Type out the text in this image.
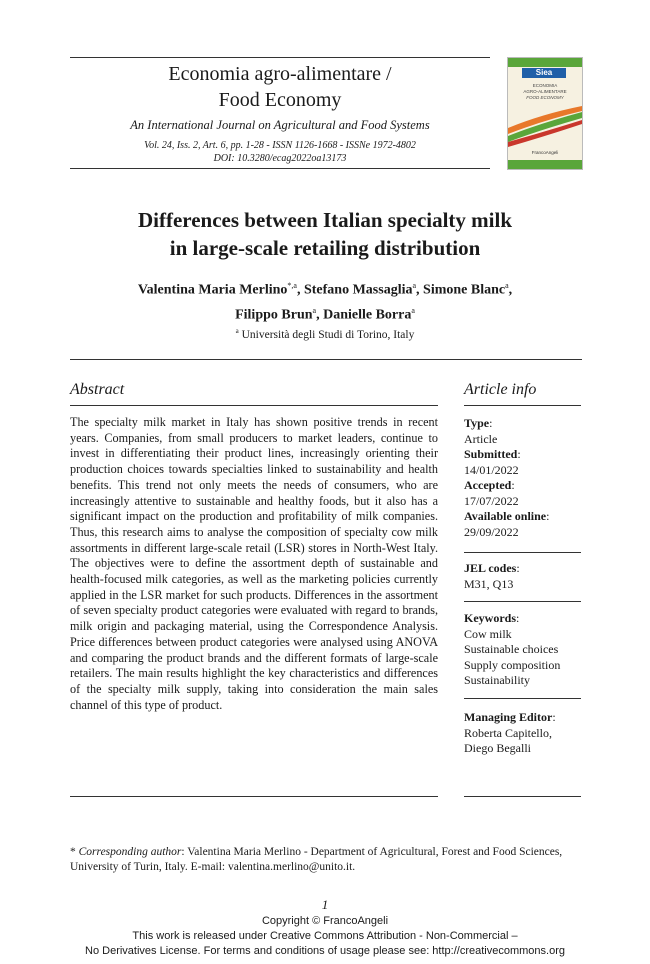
Economia agro-alimentare /
Food Economy
An International Journal on Agricultural and Food Systems
Vol. 24, Iss. 2, Art. 6, pp. 1-28 - ISSN 1126-1668 - ISSNe 1972-4802
DOI: 10.3280/ecag2022oa13173
Siea
ECONOMIA
AGRO-ALIMENTARE
FOOD ECONOMY
FrancoAngeli
Differences between Italian specialty milk
in large-scale retailing distribution
Valentina Maria Merlino$^{*,a}$, Stefano Massaglia$^a$, Simone Blanc$^a$,
Filippo Brun$^a$, Danielle Borra$^a$
$^a$ Università degli Studi di Torino, Italy
Abstract
The specialty milk market in Italy has shown positive trends in recent years. Companies, from small producers to market leaders, continue to invest in differentiating their product lines, increasingly orienting their production choices towards specialties linked to sustainability and health benefits. This trend not only meets the needs of consumers, who are increasingly attentive to sustainable and healthy foods, but it also has a significant impact on the production and profitability of milk companies. Thus, this research aims to analyse the composition of specialty cow milk assortments in different large-scale retail (LSR) stores in North-West Italy. The objectives were to define the assortment depth of sustainable and health-focused milk categories, as well as the marketing policies currently applied in the LSR market for such products. Differences in the assortment of seven specialty product categories were evaluated with regard to brands, milk origin and packaging material, using the Correspondence Analysis. Price differences between product categories were analysed using ANOVA and comparing the product brands and the different formats of large-scale retailers. The main results highlight the key characteristics and differences of the specialty milk supply, taking into consideration the main sales channel of this type of product.
Article info
Type:
Article
Submitted:
14/01/2022
Accepted:
17/07/2022
Available online:
29/09/2022
JEL codes:
M31, Q13
Keywords:
Cow milk
Sustainable choices
Supply composition
Sustainability
Managing Editor:
Roberta Capitello,
Diego Begalli
* Corresponding author: Valentina Maria Merlino - Department of Agricultural, Forest and Food Sciences, University of Turin, Italy. E-mail: valentina.merlino@unito.it.
1
Copyright © FrancoAngeli
This work is released under Creative Commons Attribution - Non-Commercial –
No Derivatives License. For terms and conditions of usage please see: http://creativecommons.org
